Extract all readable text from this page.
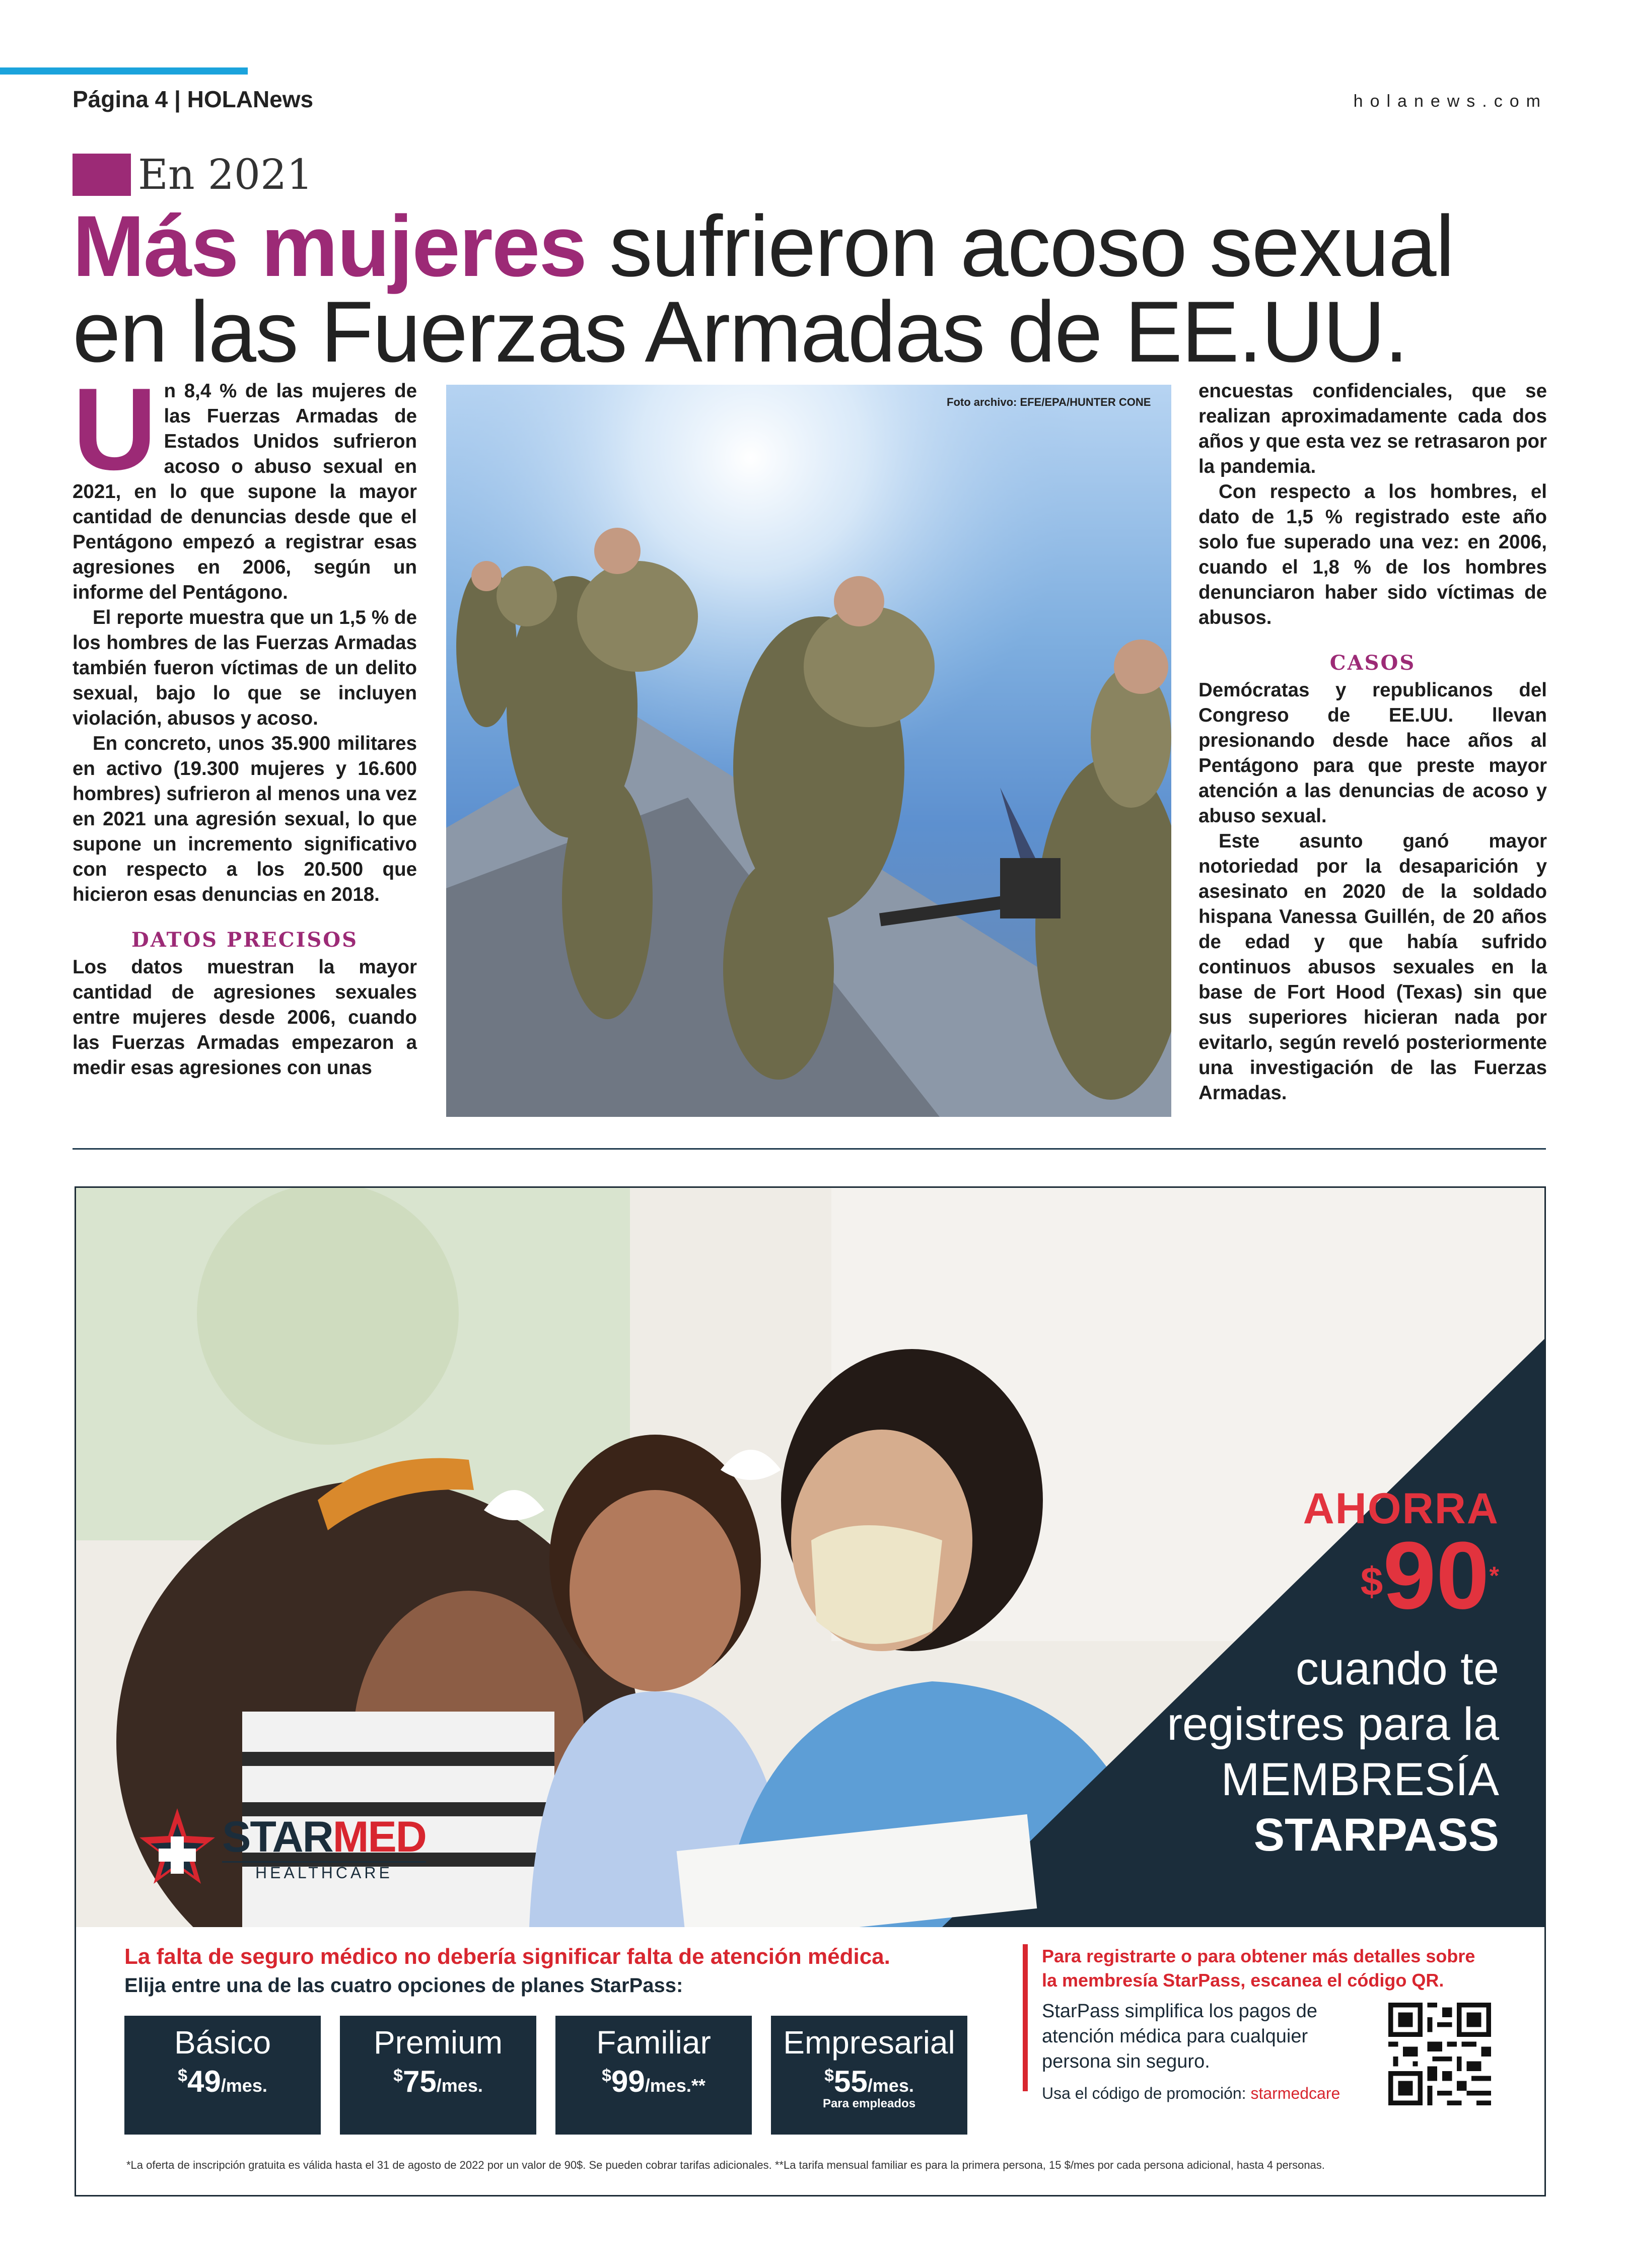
Página 4 | HOLANews	holanews.com
En 2021
Más mujeres sufrieron acoso sexual en las Fuerzas Armadas de EE.UU.
U n 8,4 % de las mujeres de las Fuerzas Armadas de Estados Unidos sufrieron acoso o abuso sexual en 2021, en lo que supone la mayor cantidad de denuncias desde que el Pentágono empezó a registrar esas agresiones en 2006, según un informe del Pentágono.

El reporte muestra que un 1,5 % de los hombres de las Fuerzas Armadas también fueron víctimas de un delito sexual, bajo lo que se incluyen violación, abusos y acoso.

En concreto, unos 35.900 militares en activo (19.300 mujeres y 16.600 hombres) sufrieron al menos una vez en 2021 una agresión sexual, lo que supone un incremento significativo con respecto a los 20.500 que hicieron esas denuncias en 2018.

DATOS PRECISOS

Los datos muestran la mayor cantidad de agresiones sexuales entre mujeres desde 2006, cuando las Fuerzas Armadas empezaron a medir esas agresiones con unas

Foto archivo: EFE/EPA/HUNTER CONE

encuestas confidenciales, que se realizan aproximadamente cada dos años y que esta vez se retrasaron por la pandemia.

Con respecto a los hombres, el dato de 1,5 % registrado este año solo fue superado una vez: en 2006, cuando el 1,8 % de los hombres denunciaron haber sido víctimas de abusos.

CASOS

Demócratas y republicanos del Congreso de EE.UU. llevan presionando desde hace años al Pentágono para que preste mayor atención a las denuncias de acoso y abuso sexual.

Este asunto ganó mayor notoriedad por la desaparición y asesinato en 2020 de la soldado hispana Vanessa Guillén, de 20 años de edad y que había sufrido continuos abusos sexuales en la base de Fort Hood (Texas) sin que sus superiores hicieran nada por evitarlo, según reveló posteriormente una investigación de las Fuerzas Armadas.

STARMED
HEALTHCARE
AHORRA
$90*
cuando te
registres para la
MEMBRESÍA
STARPASS
La falta de seguro médico no debería significar falta de atención médica.
Elija entre una de las cuatro opciones de planes StarPass:
Básico
$49/mes.
Premium
$75/mes.
Familiar
$99/mes.**
Empresarial
$55/mes.
Para empleados
Para registrarte o para obtener más detalles sobre la membresía StarPass, escanea el código QR.
StarPass simplifica los pagos de atención médica para cualquier persona sin seguro.
Usa el código de promoción: starmedcare
*La oferta de inscripción gratuita es válida hasta el 31 de agosto de 2022 por un valor de 90$. Se pueden cobrar tarifas adicionales. **La tarifa mensual familiar es para la primera persona, 15 $/mes por cada persona adicional, hasta 4 personas.
